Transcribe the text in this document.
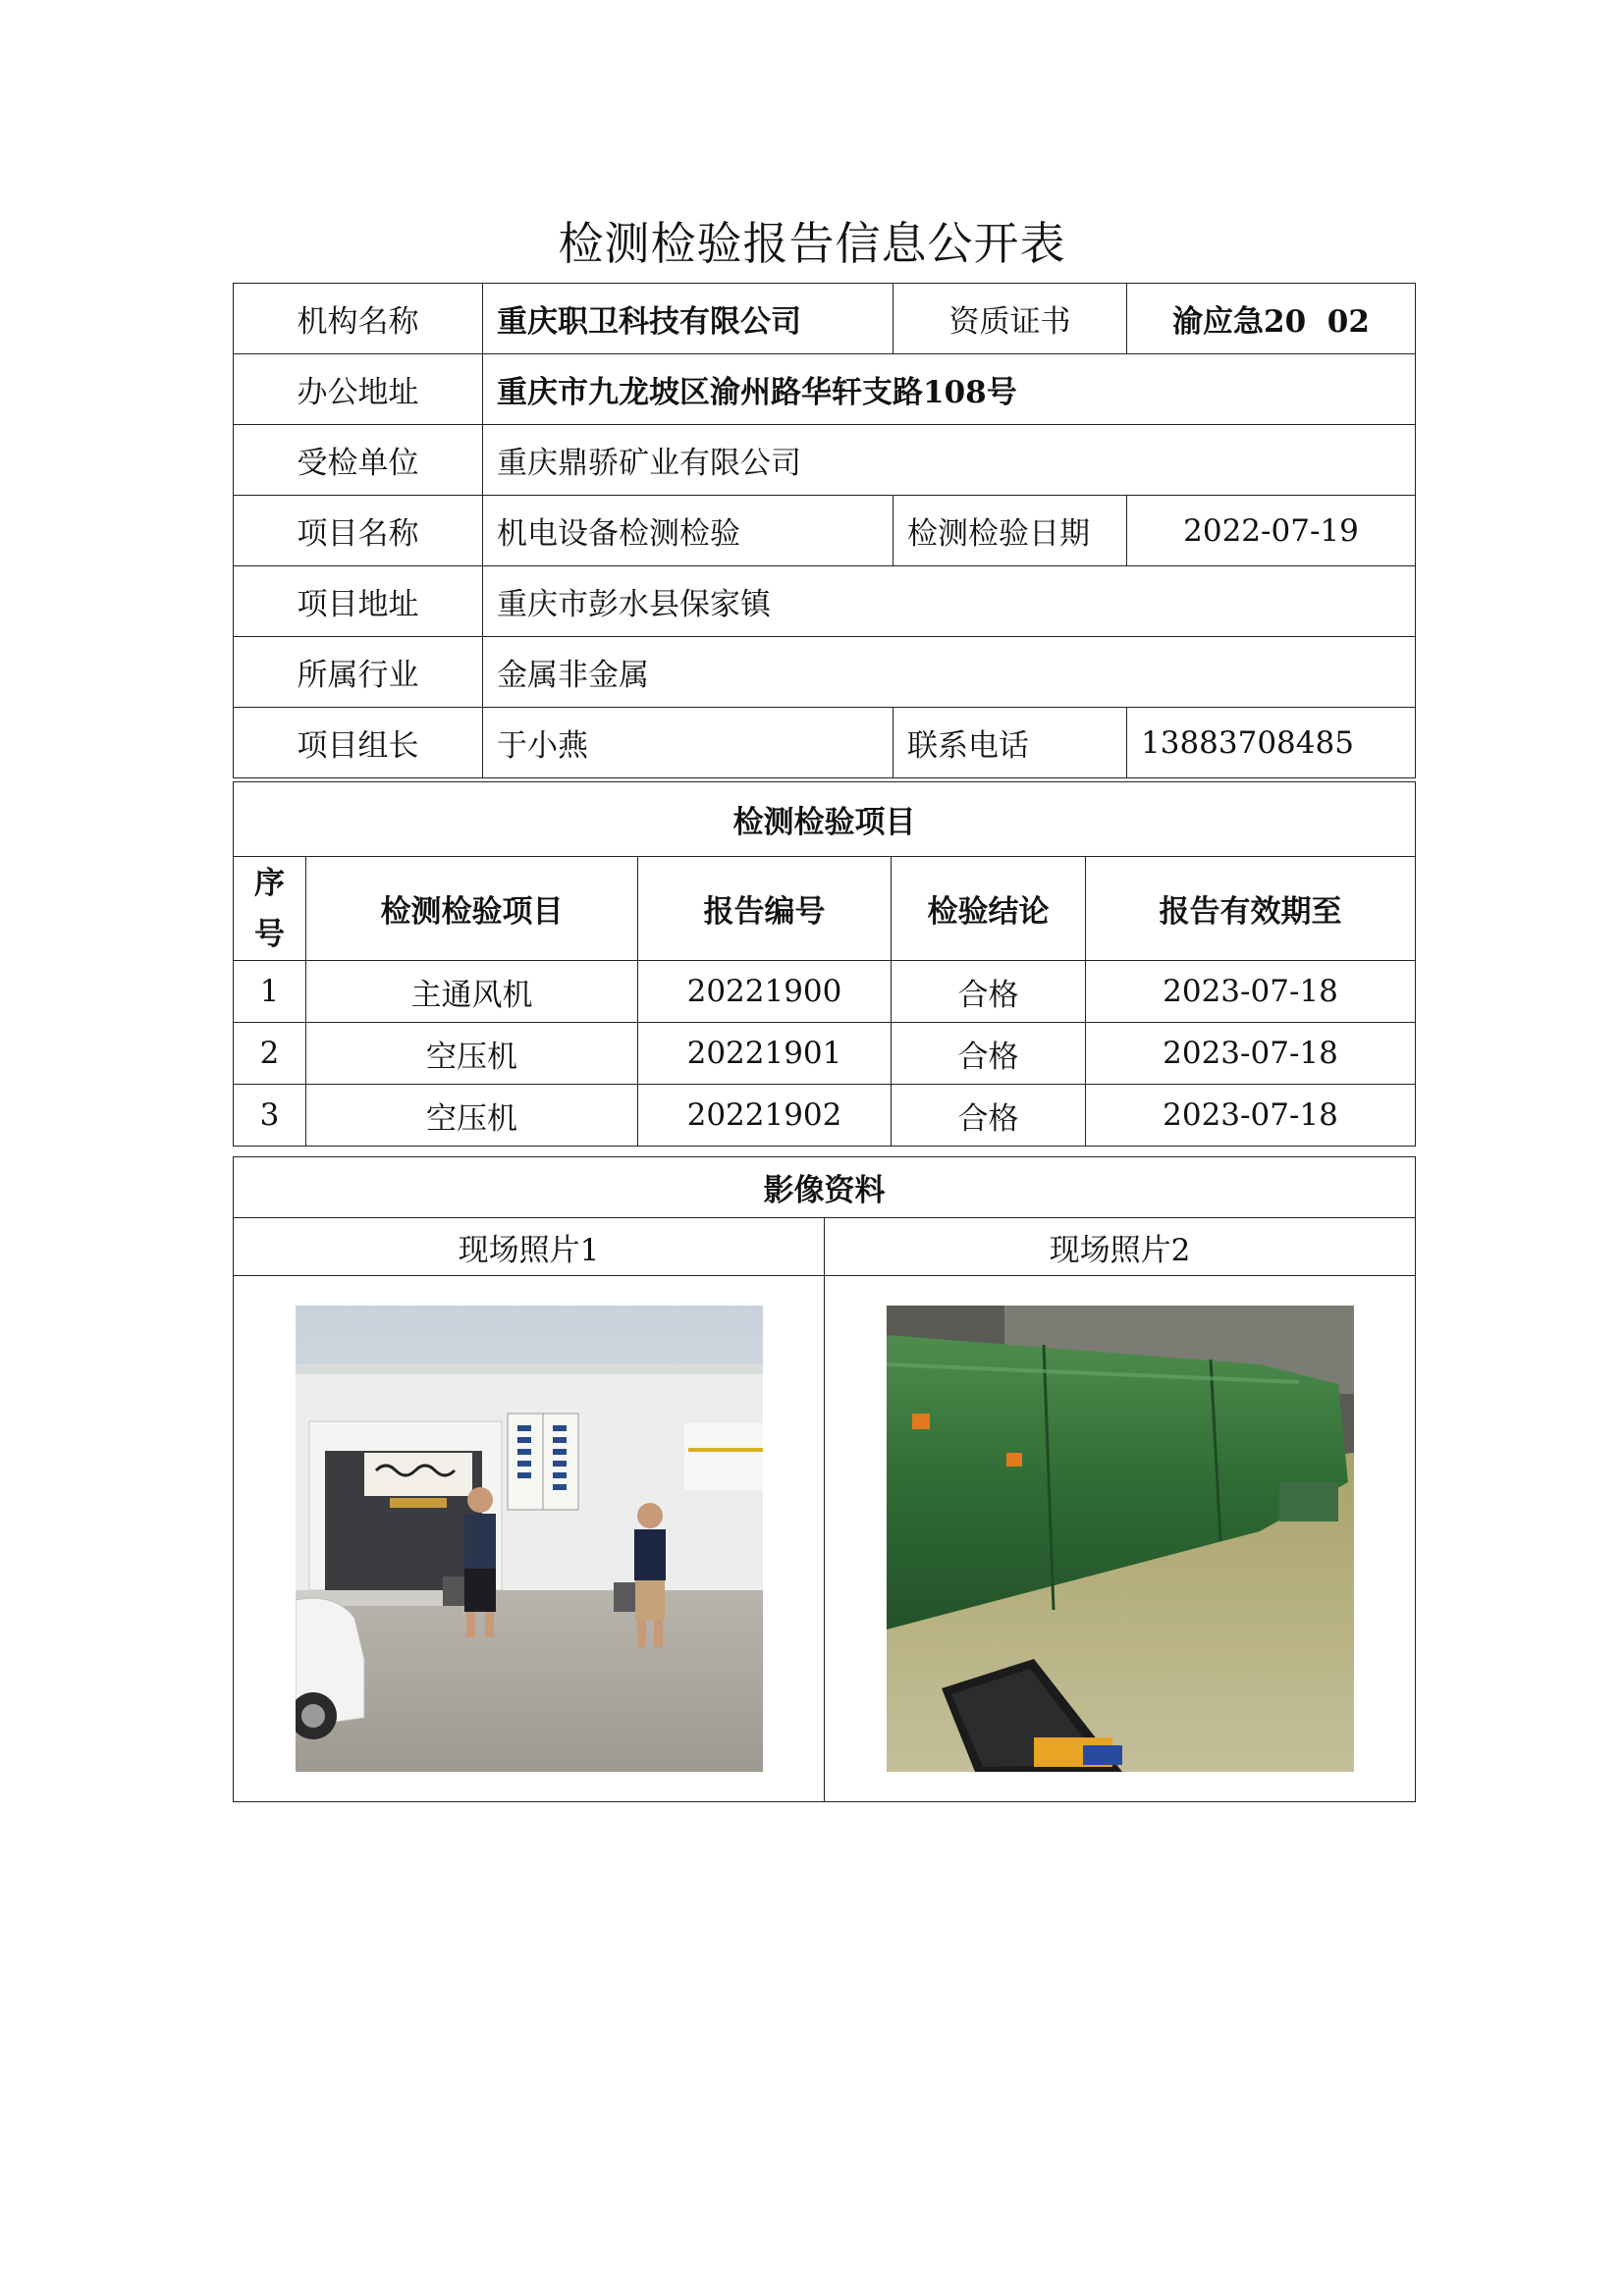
检测检验报告信息公开表
机构名称	重庆职卫科技有限公司	资质证书	渝应急20  02
办公地址	重庆市九龙坡区渝州路华轩支路108号		
受检单位	重庆鼎骄矿业有限公司		
项目名称	机电设备检测检验	检测检验日期	2022-07-19
项目地址	重庆市彭水县保家镇		
所属行业	金属非金属		
项目组长	于小燕	联系电话	13883708485
检测检验项目				
序
号	检测检验项目	报告编号	检验结论	报告有效期至
1	主通风机	20221900	合格	2023-07-18
2	空压机	20221901	合格	2023-07-18
3	空压机	20221902	合格	2023-07-18
影像资料	
现场照片1	现场照片2
